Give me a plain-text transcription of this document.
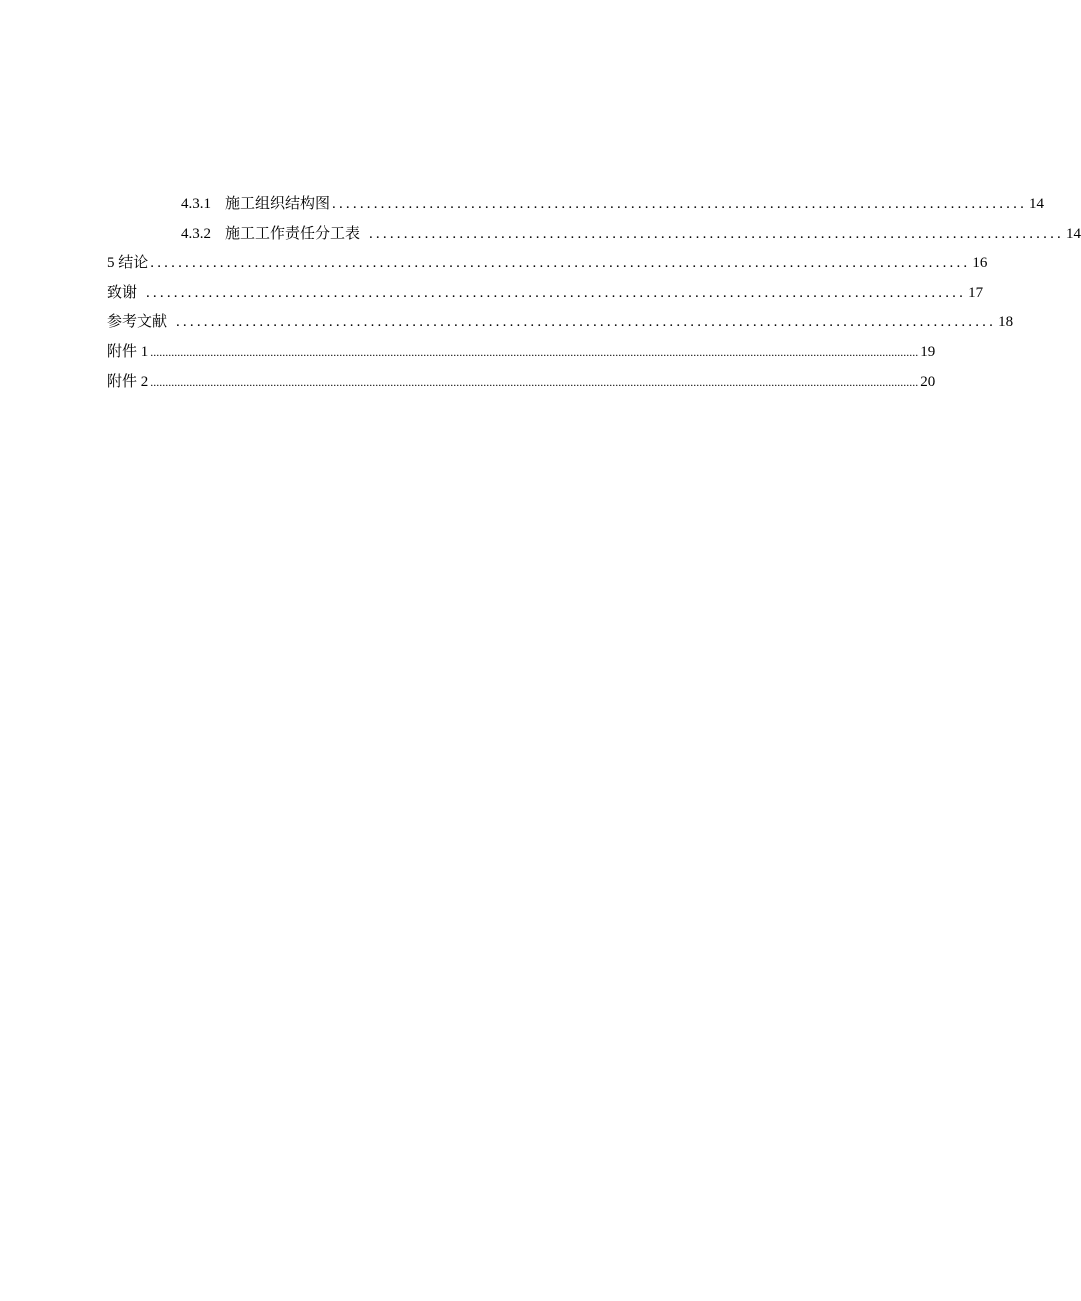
4.3.1 施工组织结构图 .................................................................................................... 14
4.3.2 施工工作责任分工表 .................................................................................................... 14
5 结论 ...................................................................................................................... 16
致谢 ...................................................................................................................... 17
参考文献 ...................................................................................................................... 18
附件 1 ................................................................................................................................................................................................................................................................ 19
附件 2 ................................................................................................................................................................................................................................................................ 20
